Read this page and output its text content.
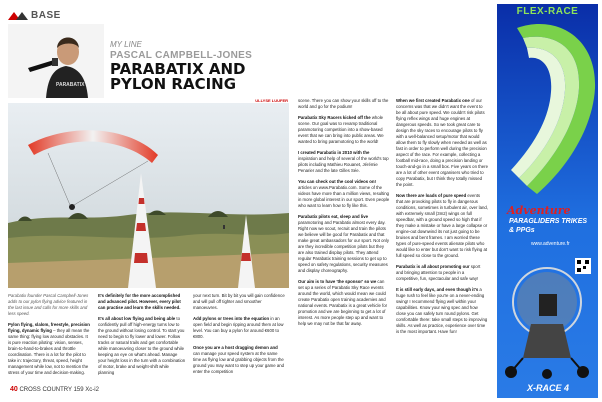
BASE
PARABATIX

MY LINE

PASCAL CAMPBELL-JONES

PARABATIX AND

PYLON RACING

ULLYSE LUUFER

Parabatix founder Pascal Campbell-Jones adds to our pylon flying advice featured in the last issue and calls for more skills and less speed.

Pylon flying, slalom, freestyle, precision flying, dynamic flying – they all mean the same thing: flying low around obstacles. It is pure reaction piloting: vision, senses, brain-to-hand-to-brakes and throttle coordination. There is a lot for the pilot to take in: trajectory, threat, speed, height management while low, not to mention the stress of your time and decision-making.

It's definitely for the more accomplished and advanced pilot. However, every pilot can practise and learn the skills needed.

It's all about low flying and being able to confidently pull off high-energy turns low to the ground without losing control. To start you need to begin to fly lower and lower. Follow tracks or natural trails and get comfortable while manoeuvring closer to the ground while keeping an eye on what's ahead. Manage your height loss in the turn with a combination of motor, brake and weight-shift while planning

your next turn. Bit by bit you will gain confidence and will pull off tighter and smoother manoeuvres.

Add pylons or trees into the equation in an open field and begin ripping around them at low level. You can buy a pylon for around €600 to €800.

Once you are a host dragging demon and can manage your speed system at the same time as flying low and grabbing objects from the ground you may want to step up your game and enter the competition

scene. There you can show your skills off to the world and go for the podium!

Parabatix Sky Racers kicked off the whole scene. Our goal was to revamp traditional paramotoring competition into a show-based event that we can bring into public areas. We wanted to bring paramotoring to the world!

I created Parabatix in 2010 with the inspiration and help of several of the world's top pilots including Mathieu Rouanet, Jérémie Penarier and the late Gilles Sée.

You can check out the cool videos on! articles on www.Parabatix.com. Some of the videos have more than a million views, resulting in more global interest in our sport. Even people who want to learn how to fly like this.

Parabatix pilots eat, sleep and live paramotoring and Parabatix almost every day. Right now we scout, recruit and train the pilots we believe will be good for Parabatix and that make great ambassadors for our sport. Not only are they incredible competition pilots but they are also trained display pilots. They attend regular Parabatix training sessions to get up to speed on safety regulations, security measures and display choreography.

Our aim is to have 'the sponsor' so we can set up a series of Parabatix Sky Race events around the world, which would mean we could create Parabatix open training academies and national events. Parabatix is a great vehicle for promotion and we are beginning to get a lot of interest. As more people step up and want to help we may not be that far away.

When we first created Parabatix one of our concerns was that we didn't want the event to be all about pure speed. We couldn't risk pilots flying reflex wings and huge engines at dangerous speeds. So we took great care to design the sky races to encourage pilots to fly with a well-balanced setup/motor that would allow them to fly slowly when needed as well as fast in order to perform well during the precision aspect of the race. For example, collecting a football mid-race, doing a precision landing or touch-and-go in a small box. Five years on there are a lot of other event organisers who tried to copy Parabatix, but I think they totally missed the point.

Now there are loads of pure speed events that are provoking pilots to fly in dangerous conditions, sometimes in turbulent air, over land, with extremely small (3m2) wings on full speedbar, with a ground speed so high that if they make a mistake or have a large collapse or engine-out downwind its not just going to be bruises and bent frames. I am worried these types of pure-speed events alienate pilots who would like to enter but don't want to risk flying at full speed so close to the ground.

Parabatix is all about promoting our sport and bringing attention to people in a competitive, fun, spectacular and safe way!

It is still early days, and even though it's a huge rush to feel like you're on a never-ending swing! I recommend flying well within your capabilities. Know your wing spec and how close you can safely turn round pylons. Get comfortable there: take small steps to improving skills. As well as practice, experience over time is the most important. Have fun!

40 CROSS COUNTRY 159 Xc-i2
FLEX-RACE
Adventure
PARAGLIDERS TRIKES & PPGs
www.adventure.fr
X-RACE 4
